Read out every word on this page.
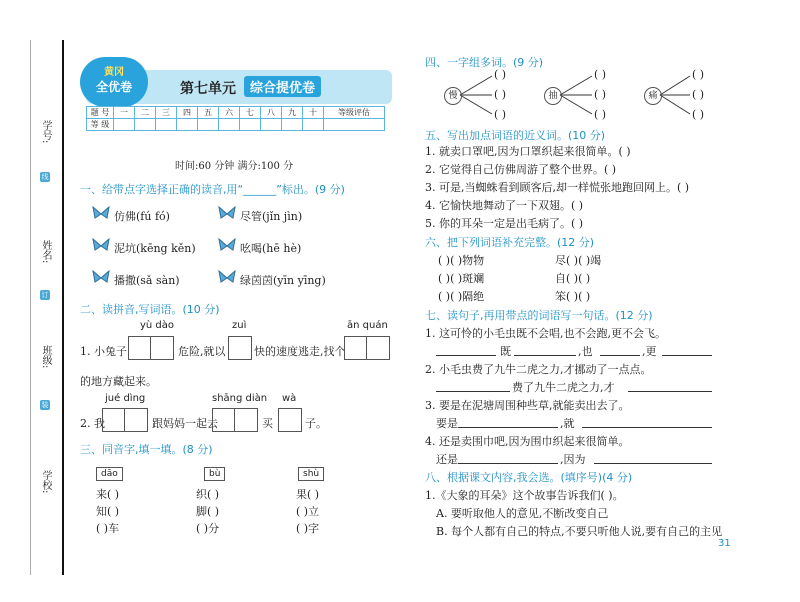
学号:
姓名:
班级:
学校:
线
订
装
黄冈
全优卷	第七单元	综合提优卷
题 号	一	二	三	四	五	六	七	八	九	十	等级评估
等 级											
时间:60 分钟 满分:100 分
一、给带点字选择正确的读音,用“______”标出。(9 分)
仿佛(fú fó)	尽管(jǐn jìn)
泥坑(kēng kěn)	吆喝(hē hè)
播撒(sǎ sàn)	绿茵茵(yīn yīng)
二、读拼音,写词语。(10 分)
yù dào	zuì	ān quán
1. 小兔子	危险,就以	快的速度逃走,找个
的地方藏起来。
jué dìng	shāng diàn wà
2. 我	跟妈妈一起去	买	子。
三、同音字,填一填。(8 分)
dāo	bù	shù
来( )	织( )	果( )
知( )	脚( )	( )立
( )车	( )分	( )字
四、一字组多词。(9 分)
慢	抽	痛
( )
( )
( )
( )
( )
( )
( )
( )
( )
五、写出加点词语的近义词。(10 分)
1. 就卖口罩吧,因为口罩织起来很简单。( )
2. 它觉得自己仿佛周游了整个世界。( )
3. 可是,当蜘蛛看到顾客后,却一样慌张地跑回网上。( )
4. 它愉快地舞动了一下双翅。( )
5. 你的耳朵一定是出毛病了。( )
六、把下列词语补充完整。(12 分)
( )( )物物	尽( )( )竭
( )( )斑斓	自( )( )
( )( )隔绝	笨( )( )
七、读句子,再用带点的词语写一句话。(12 分)
1. 这可怜的小毛虫既不会唱,也不会跑,更不会飞。
既	,也	,更
2. 小毛虫费了九牛二虎之力,才挪动了一点点。
费了九牛二虎之力,才
3. 要是在泥塘周围种些草,就能卖出去了。
要是	,就
4. 还是卖围巾吧,因为围巾织起来很简单。
还是	,因为
八、根据课文内容,我会选。(填序号)(4 分)
1.《大象的耳朵》这个故事告诉我们( )。
A. 要听取他人的意见,不断改变自己
B. 每个人都有自己的特点,不要只听他人说,要有自己的主见
31
